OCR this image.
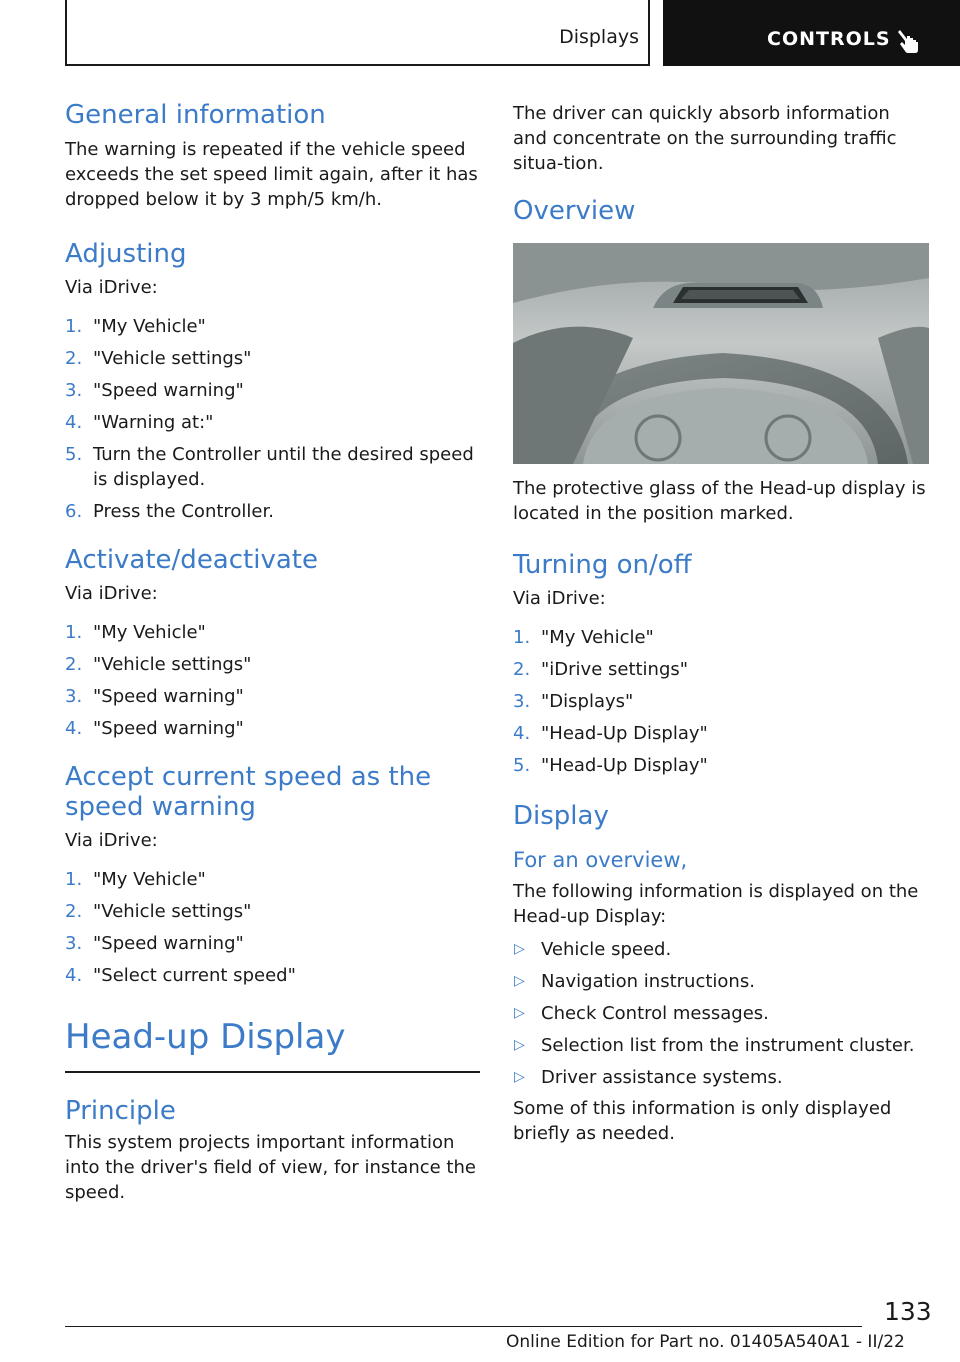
Displays	CONTROLS
General information

The warning is repeated if the vehicle speed exceeds the set speed limit again, after it has dropped below it by 3 mph/5 km/h.

Adjusting

Via iDrive:

1. "My Vehicle"
2. "Vehicle settings"
3. "Speed warning"
4. "Warning at:"
5. Turn the Controller until the desired speed is displayed.
6. Press the Controller.
Activate/deactivate

Via iDrive:

1. "My Vehicle"
2. "Vehicle settings"
3. "Speed warning"
4. "Speed warning"
Accept current speed as the speed warning

Via iDrive:

1. "My Vehicle"
2. "Vehicle settings"
3. "Speed warning"
4. "Select current speed"
Head-up Display
Principle

This system projects important information into the driver's field of view, for instance the speed.

The driver can quickly absorb information and concentrate on the surrounding traffic situa-tion.

Overview

The protective glass of the Head-up display is located in the position marked.

Turning on/off

Via iDrive:

1. "My Vehicle"
2. "iDrive settings"
3. "Displays"
4. "Head-Up Display"
5. "Head-Up Display"
Display
For an overview,

The following information is displayed on the Head-up Display:

▷ Vehicle speed.
▷ Navigation instructions.
▷ Check Control messages.
▷ Selection list from the instrument cluster.
▷ Driver assistance systems.

Some of this information is only displayed briefly as needed.

133
Online Edition for Part no. 01405A540A1 - II/22
